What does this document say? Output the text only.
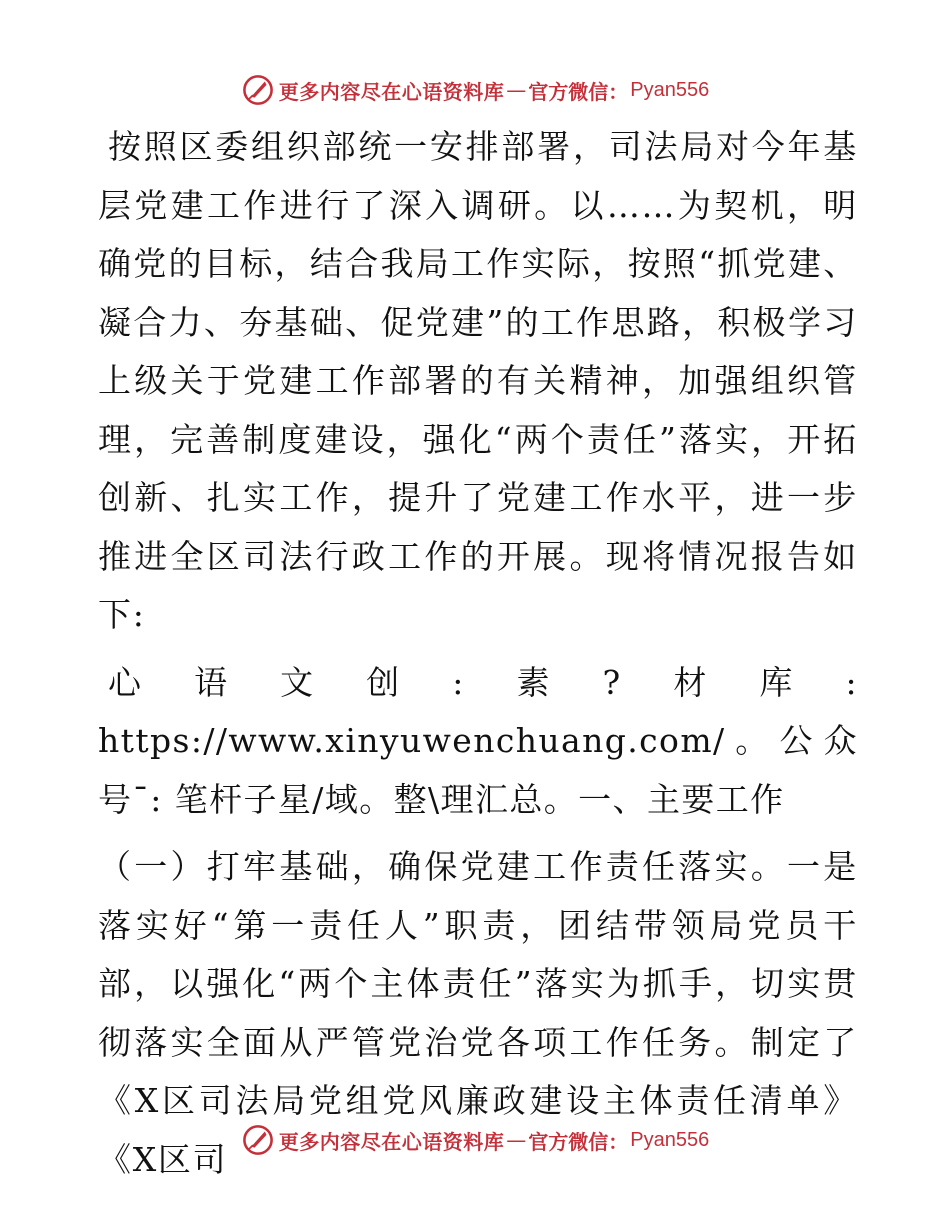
更多内容尽在心语资料库 — 官方微信： Pyan556

按照区委组织部统一安排部署，司法局对今年基层党建工作进行了深入调研。以……为契机，明确党的目标，结合我局工作实际，按照“抓党建、凝合力、夯基础、促党建”的工作思路，积极学习上级关于党建工作部署的有关精神，加强组织管理，完善制度建设，强化“两个责任”落实，开拓创新、扎实工作，提升了党建工作水平，进一步推进全区司法行政工作的开展。现将情况报告如下:

心语文创:素?材库: https://www.xinyuwenchuang.com/。公众号¯: 笔杆子星/域。整\理汇总。一、主要工作

（一）打牢基础，确保党建工作责任落实。一是落实好“第一责任人”职责，团结带领局党员干部，以强化“两个主体责任”落实为抓手，切实贯彻落实全面从严管党治党各项工作任务。制定了《X区司法局党组党风廉政建设主体责任清单》《X区司	更多内容尽在心语资料库 — 官方微信： Pyan556
